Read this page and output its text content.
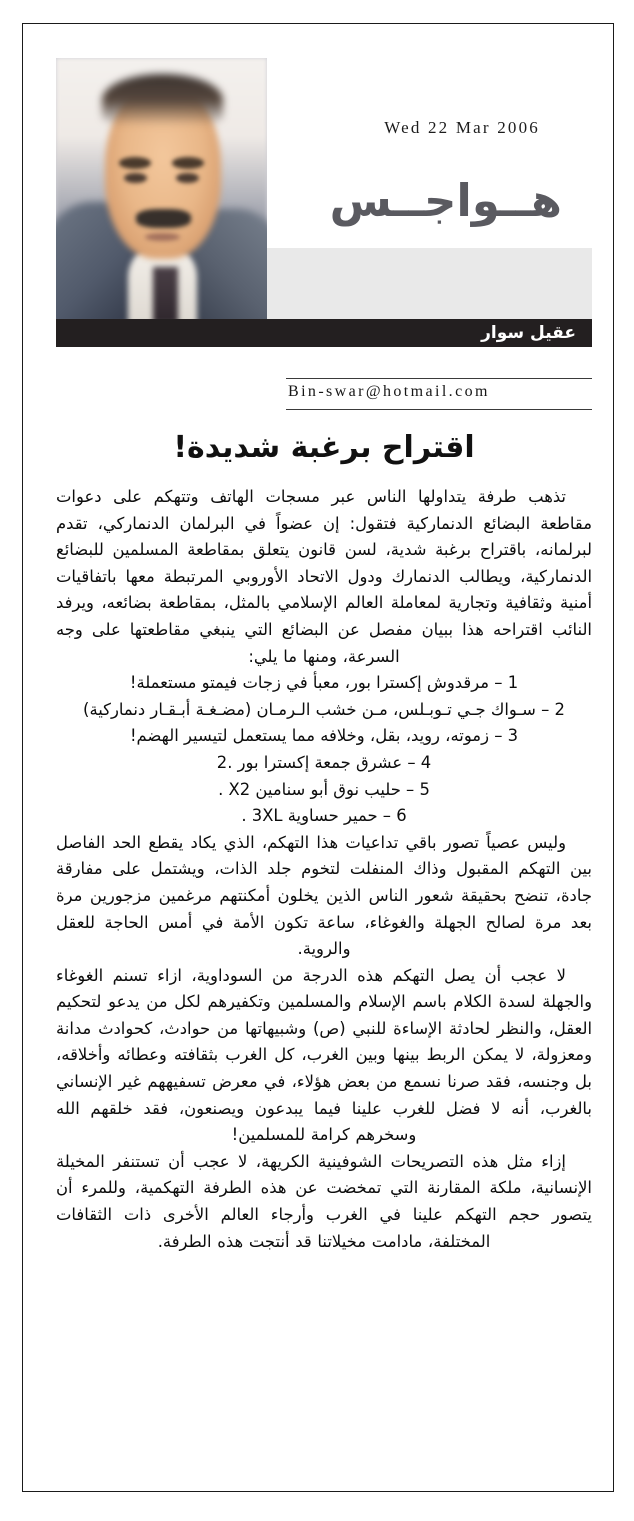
Wed 22 Mar 2006
هــواجــس
عقيل سوار
Bin-swar@hotmail.com
اقتراح برغبة شديدة!

تذهب طرفة يتداولها الناس عبر مسجات الهاتف وتتهكم على دعوات مقاطعة البضائع الدنماركية فتقول: إن عضواً في البرلمان الدنماركي، تقدم لبرلمانه، باقتراح برغبة شدية، لسن قانون يتعلق بمقاطعة المسلمين للبضائع الدنماركية، ويطالب الدنمارك ودول الاتحاد الأوروبي المرتبطة معها باتفاقيات أمنية وثقافية وتجارية لمعاملة العالم الإسلامي بالمثل، بمقاطعة بضائعه، ويرفد النائب اقتراحه هذا ببيان مفصل عن البضائع التي ينبغي مقاطعتها على وجه السرعة، ومنها ما يلي:

1 – مرقدوش إكسترا بور، معبأ في زجات فيمتو مستعملة!
2 – سـواك جـي تـوبـلس، مـن خشب الـرمـان (مضـغـة أبـقـار دنماركية)
3 – زموته، رويد، بقل، وخلافه مما يستعمل لتيسير الهضم!
4 – عشرق جمعة إكسترا بور .2
5 – حليب نوق أبو سنامين X2 .
6 – حمير حساوية 3XL .

وليس عصياً تصور باقي تداعيات هذا التهكم، الذي يكاد يقطع الحد الفاصل بين التهكم المقبول وذاك المنفلت لتخوم جلد الذات، ويشتمل على مفارقة جادة، تنضح بحقيقة شعور الناس الذين يخلون أمكنتهم مرغمين مزجورين مرة بعد مرة لصالح الجهلة والغوغاء، ساعة تكون الأمة في أمس الحاجة للعقل والروية.

لا عجب أن يصل التهكم هذه الدرجة من السوداوية، ازاء تسنم الغوغاء والجهلة لسدة الكلام باسم الإسلام والمسلمين وتكفيرهم لكل من يدعو لتحكيم العقل، والنظر لحادثة الإساءة للنبي (ص) وشبيهاتها من حوادث، كحوادث مدانة ومعزولة، لا يمكن الربط بينها وبين الغرب، كل الغرب بثقافته وعطائه وأخلاقه، بل وجنسه، فقد صرنا نسمع من بعض هؤلاء، في معرض تسفيههم غير الإنساني بالغرب، أنه لا فضل للغرب علينا فيما يبدعون ويصنعون، فقد خلقهم الله وسخرهم كرامة للمسلمين!

إزاء مثل هذه التصريحات الشوفينية الكريهة، لا عجب أن تستنفر المخيلة الإنسانية، ملكة المقارنة التي تمخضت عن هذه الطرفة التهكمية، وللمرء أن يتصور حجم التهكم علينا في الغرب وأرجاء العالم الأخرى ذات الثقافات المختلفة، مادامت مخيلاتنا قد أنتجت هذه الطرفة.
